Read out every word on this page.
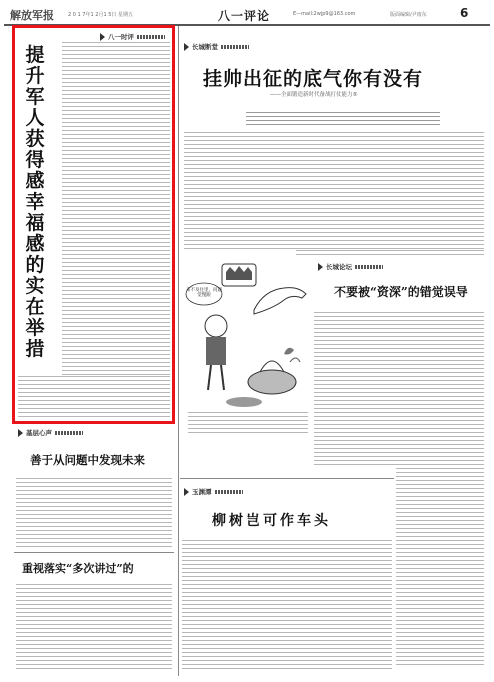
解放军报	2 0 1 7年1 2月1 5日 星期五	八一评论	E—mail:2wjp9@163.com	版面编辑/尹雨东	6
八一时评
提升军人获得感幸福感的实在举措
长城断堂
挂帅出征的底气你有没有
——全面锻造新时代备战打仗能力⑤
来不及往里，问题觉慢跟
长城论坛
不要被“资深”的错觉误导
基层心声
善于从问题中发现未来
重视落实“多次讲过”的
玉渊潭
柳树岂可作车头
